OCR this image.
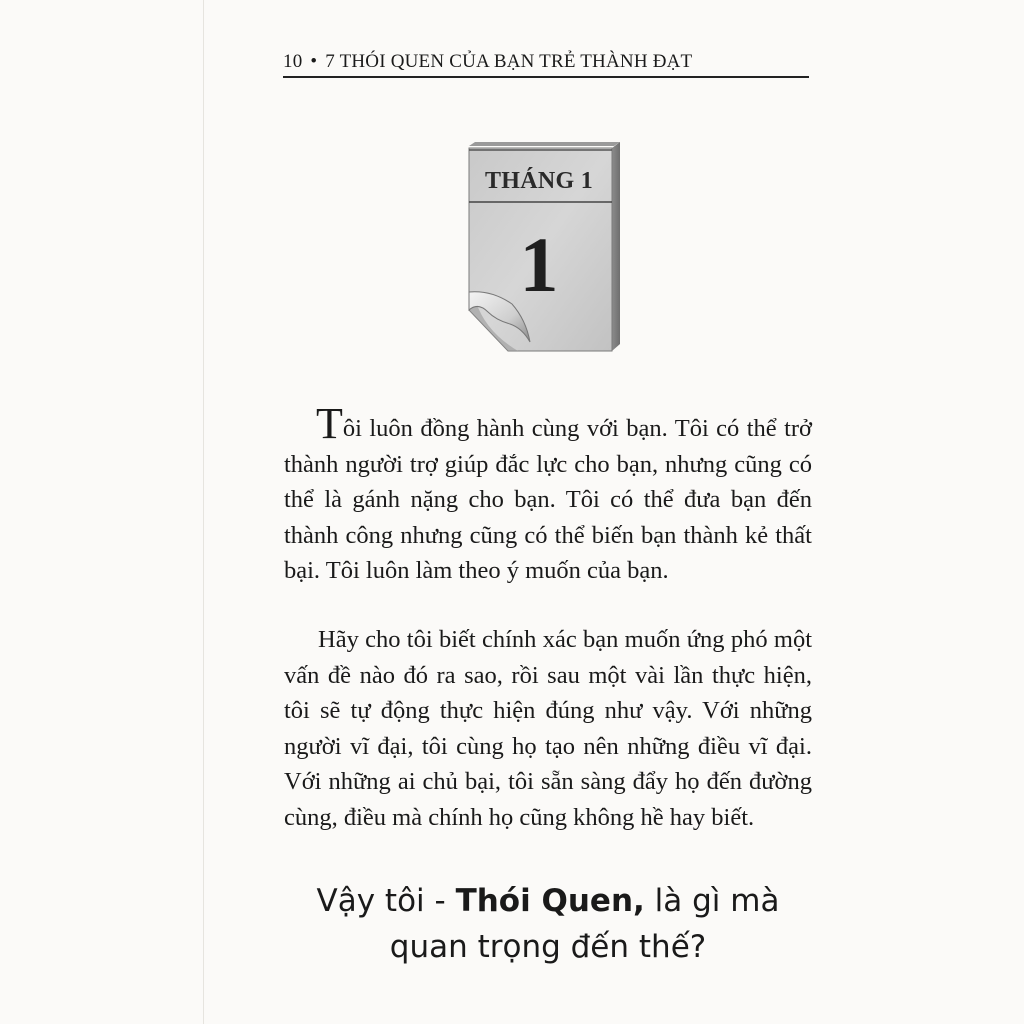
10 • 7 THÓI QUEN CỦA BẠN TRẺ THÀNH ĐẠT
THÁNG 1
1

Tôi luôn đồng hành cùng với bạn. Tôi có thể trở thành người trợ giúp đắc lực cho bạn, nhưng cũng có thể là gánh nặng cho bạn. Tôi có thể đưa bạn đến thành công nhưng cũng có thể biến bạn thành kẻ thất bại. Tôi luôn làm theo ý muốn của bạn.

Hãy cho tôi biết chính xác bạn muốn ứng phó một vấn đề nào đó ra sao, rồi sau một vài lần thực hiện, tôi sẽ tự động thực hiện đúng như vậy. Với những người vĩ đại, tôi cùng họ tạo nên những điều vĩ đại. Với những ai chủ bại, tôi sẵn sàng đẩy họ đến đường cùng, điều mà chính họ cũng không hề hay biết.

Vậy tôi - Thói Quen, là gì mà quan trọng đến thế?
